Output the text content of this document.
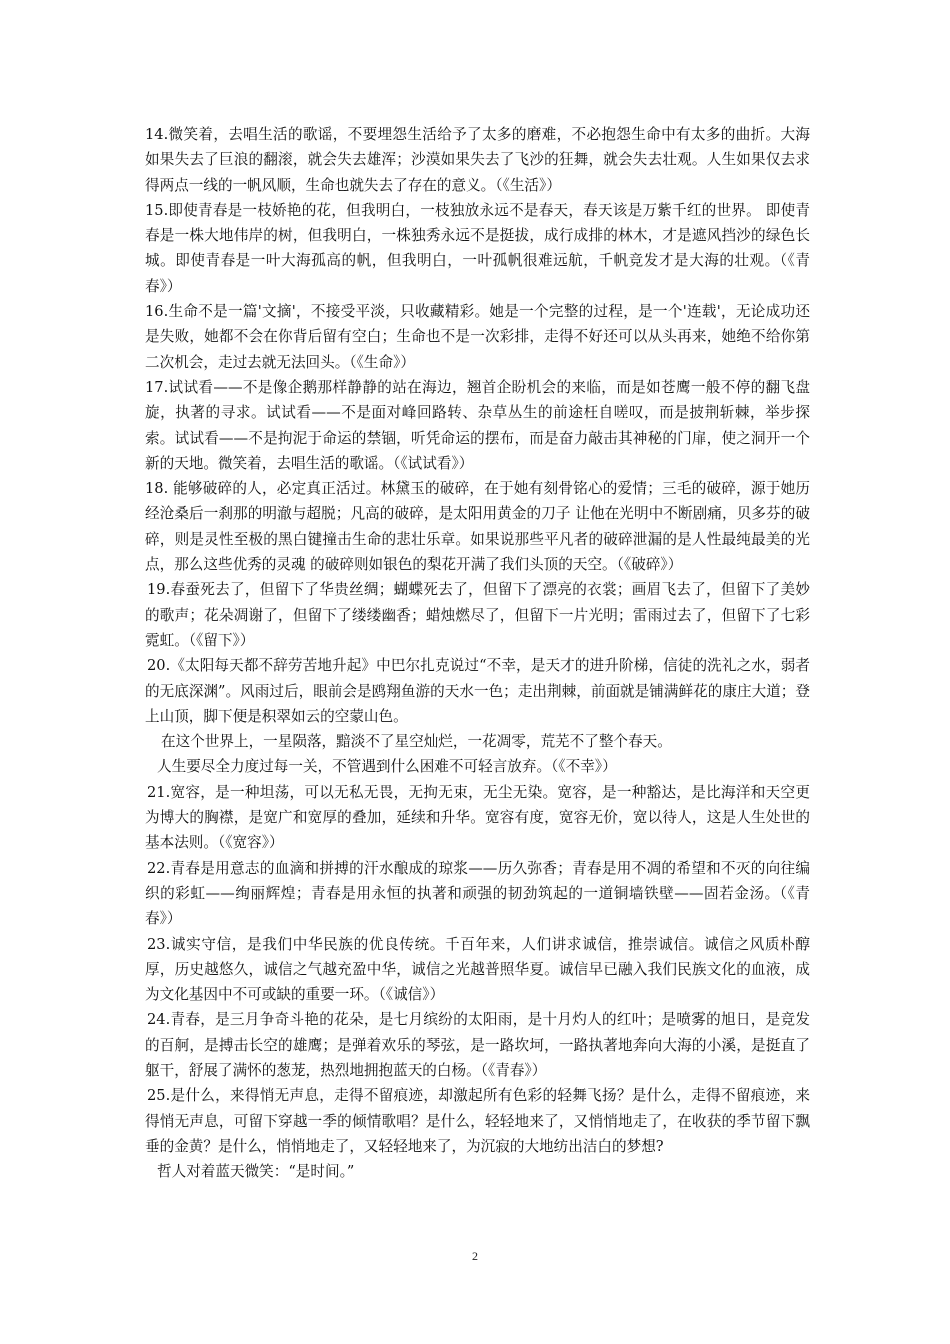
14.微笑着，去唱生活的歌谣，不要埋怨生活给予了太多的磨难，不必抱怨生命中有太多的曲折。大海如果失去了巨浪的翻滚，就会失去雄浑；沙漠如果失去了飞沙的狂舞，就会失去壮观。人生如果仅去求得两点一线的一帆风顺，生命也就失去了存在的意义。（《生活》）

15.即使青春是一枝娇艳的花，但我明白，一枝独放永远不是春天，春天该是万紫千红的世界。 即使青春是一株大地伟岸的树，但我明白，一株独秀永远不是挺拔，成行成排的林木，才是遮风挡沙的绿色长城。即使青春是一叶大海孤高的帆，但我明白，一叶孤帆很难远航，千帆竞发才是大海的壮观。（《青春》）

16.生命不是一篇'文摘'，不接受平淡，只收藏精彩。她是一个完整的过程，是一个'连载'，无论成功还是失败，她都不会在你背后留有空白；生命也不是一次彩排，走得不好还可以从头再来，她绝不给你第二次机会，走过去就无法回头。（《生命》）

17.试试看——不是像企鹅那样静静的站在海边，翘首企盼机会的来临，而是如苍鹰一般不停的翻飞盘旋，执著的寻求。试试看——不是面对峰回路转、杂草丛生的前途枉自嗟叹，而是披荆斩棘，举步探索。试试看——不是拘泥于命运的禁锢，听凭命运的摆布，而是奋力敲击其神秘的门扉，使之洞开一个新的天地。微笑着，去唱生活的歌谣。（《试试看》）

18. 能够破碎的人，必定真正活过。林黛玉的破碎，在于她有刻骨铭心的爱情；三毛的破碎，源于她历经沧桑后一刹那的明澈与超脱；凡高的破碎，是太阳用黄金的刀子 让他在光明中不断剧痛，贝多芬的破碎，则是灵性至极的黑白键撞击生命的悲壮乐章。如果说那些平凡者的破碎泄漏的是人性最纯最美的光点，那么这些优秀的灵魂 的破碎则如银色的梨花开满了我们头顶的天空。（《破碎》）

19.春蚕死去了，但留下了华贵丝绸；蝴蝶死去了，但留下了漂亮的衣裳；画眉飞去了，但留下了美妙的歌声；花朵凋谢了，但留下了缕缕幽香；蜡烛燃尽了，但留下一片光明；雷雨过去了，但留下了七彩霓虹。（《留下》）

20.《太阳每天都不辞劳苦地升起》中巴尔扎克说过“不幸，是天才的进升阶梯，信徒的洗礼之水，弱者的无底深渊”。风雨过后，眼前会是鸥翔鱼游的天水一色；走出荆棘，前面就是铺满鲜花的康庄大道；登上山顶，脚下便是积翠如云的空蒙山色。

在这个世界上，一星陨落，黯淡不了星空灿烂，一花凋零，荒芜不了整个春天。

人生要尽全力度过每一关，不管遇到什么困难不可轻言放弃。（《不幸》）

21.宽容，是一种坦荡，可以无私无畏，无拘无束，无尘无染。宽容，是一种豁达，是比海洋和天空更为博大的胸襟，是宽广和宽厚的叠加，延续和升华。宽容有度，宽容无价，宽以待人，这是人生处世的基本法则。（《宽容》）

22.青春是用意志的血滴和拼搏的汗水酿成的琼浆——历久弥香；青春是用不凋的希望和不灭的向往编织的彩虹——绚丽辉煌；青春是用永恒的执著和顽强的韧劲筑起的一道铜墙铁壁——固若金汤。（《青春》）

23.诚实守信，是我们中华民族的优良传统。千百年来，人们讲求诚信，推崇诚信。诚信之风质朴醇厚，历史越悠久，诚信之气越充盈中华，诚信之光越普照华夏。诚信早已融入我们民族文化的血液，成为文化基因中不可或缺的重要一环。（《诚信》）

24.青春，是三月争奇斗艳的花朵，是七月缤纷的太阳雨，是十月灼人的红叶；是喷雾的旭日，是竞发的百舸，是搏击长空的雄鹰；是弹着欢乐的琴弦，是一路坎坷，一路执著地奔向大海的小溪，是挺直了躯干，舒展了满怀的葱茏，热烈地拥抱蓝天的白杨。（《青春》）

25.是什么，来得悄无声息，走得不留痕迹，却激起所有色彩的轻舞飞扬？是什么，走得不留痕迹，来得悄无声息，可留下穿越一季的倾情歌唱？是什么，轻轻地来了，又悄悄地走了，在收获的季节留下飘垂的金黄？是什么，悄悄地走了，又轻轻地来了，为沉寂的大地纺出洁白的梦想?

哲人对着蓝天微笑：“是时间。”

2
